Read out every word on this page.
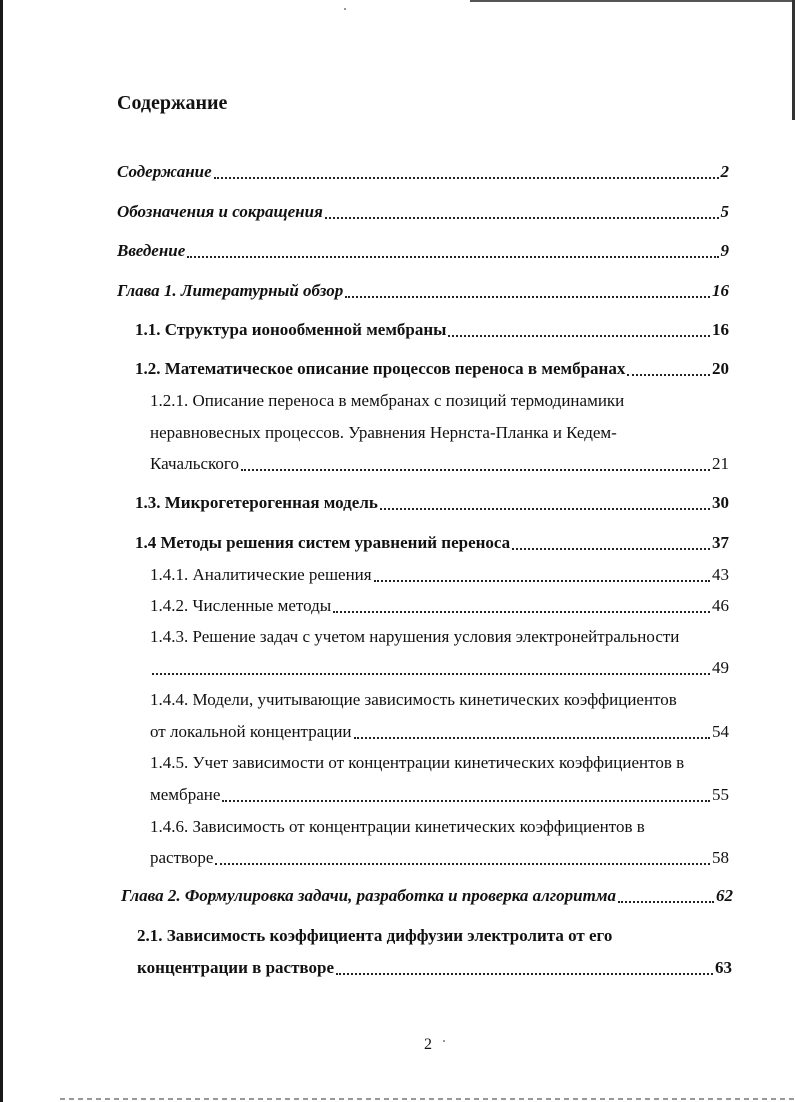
Содержание
Содержание	2
Обозначения и сокращения	5
Введение	9
Глава 1. Литературный обзор	16
1.1. Структура ионообменной мембраны	16
1.2. Математическое описание процессов переноса в мембранах	20
1.2.1. Описание переноса в мембранах с позиций термодинамики
неравновесных процессов. Уравнения Нернста-Планка и Кедем-
Качальского	21
1.3. Микрогетерогенная модель	30
1.4 Методы решения систем уравнений переноса	37
1.4.1. Аналитические решения	43
1.4.2. Численные методы	46
1.4.3. Решение задач с учетом нарушения условия электронейтральности
49
1.4.4. Модели, учитывающие зависимость кинетических коэффициентов
от локальной концентрации	54
1.4.5. Учет зависимости от концентрации кинетических коэффициентов в
мембране	55
1.4.6. Зависимость от концентрации кинетических коэффициентов в
растворе	58
Глава 2. Формулировка задачи, разработка и проверка алгоритма	62
2.1. Зависимость коэффициента диффузии электролита от его
концентрации в растворе	63
2
